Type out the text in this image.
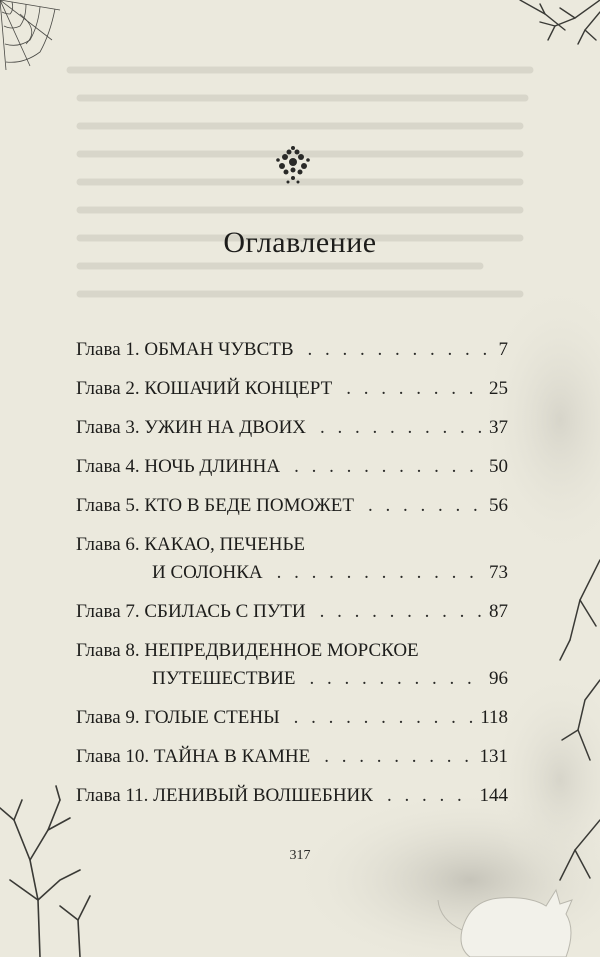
Оглавление
Глава 1. ОБМАН ЧУВСТВ . . .	7
Глава 2. КОШАЧИЙ КОНЦЕРТ . . .	25
Глава 3. УЖИН НА ДВОИХ . . .	37
Глава 4. НОЧЬ ДЛИННА . . .	50
Глава 5. КТО В БЕДЕ ПОМОЖЕТ . . .	56
Глава 6. КАКАО, ПЕЧЕНЬЕ
И СОЛОНКА . . .	73
Глава 7. СБИЛАСЬ С ПУТИ . . .	87
Глава 8. НЕПРЕДВИДЕННОЕ МОРСКОЕ
ПУТЕШЕСТВИЕ . . .	96
Глава 9. ГОЛЫЕ СТЕНЫ . . .	118
Глава 10. ТАЙНА В КАМНЕ . . .	131
Глава 11. ЛЕНИВЫЙ ВОЛШЕБНИК . . .	144
317
